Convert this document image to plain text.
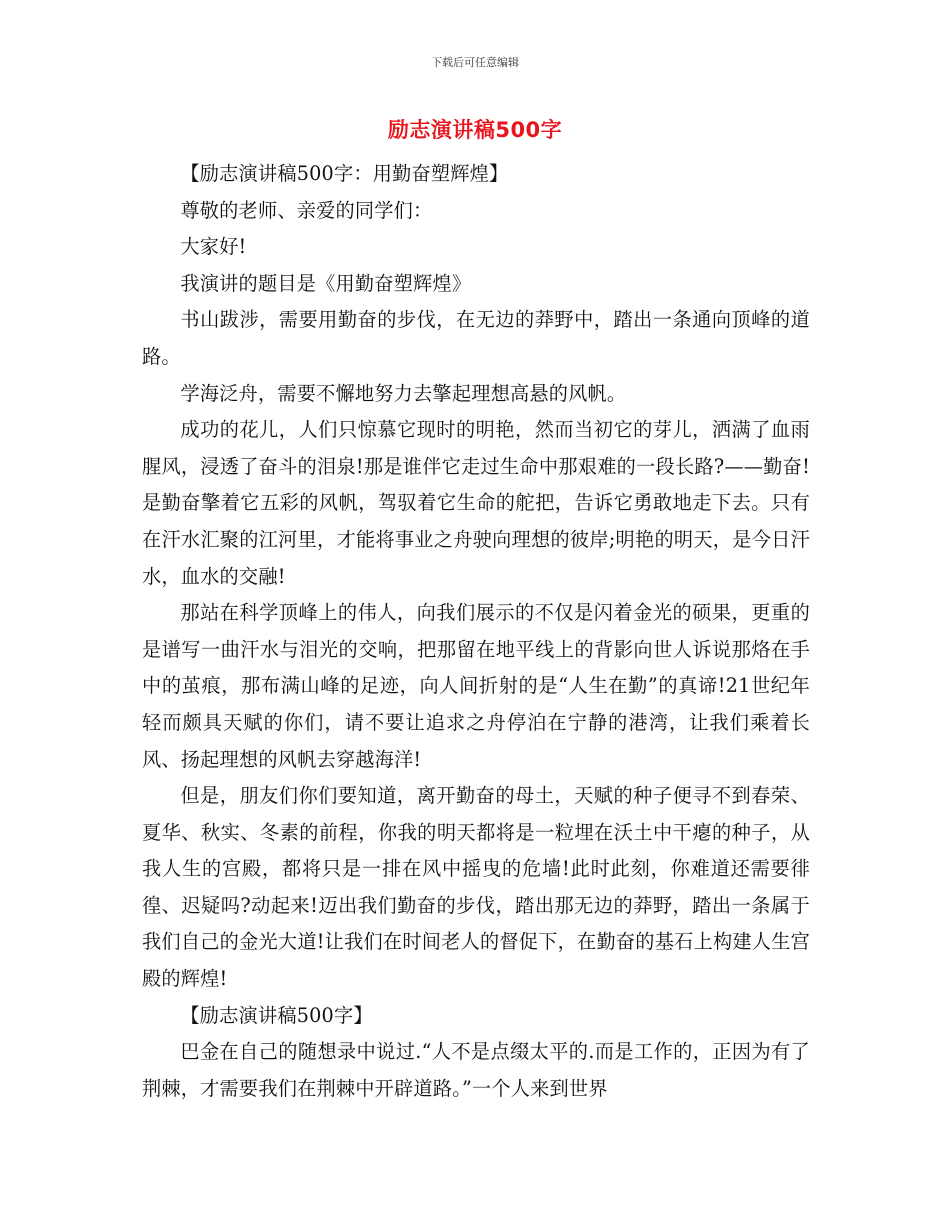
下载后可任意编辑
励志演讲稿500字

【励志演讲稿500字：用勤奋塑辉煌】

尊敬的老师、亲爱的同学们：

大家好!

我演讲的题目是《用勤奋塑辉煌》

书山跋涉，需要用勤奋的步伐，在无边的莽野中，踏出一条通向顶峰的道路。

学海泛舟，需要不懈地努力去擎起理想高悬的风帆。

成功的花儿，人们只惊慕它现时的明艳，然而当初它的芽儿，洒满了血雨腥风，浸透了奋斗的泪泉!那是谁伴它走过生命中那艰难的一段长路?——勤奋!是勤奋擎着它五彩的风帆，驾驭着它生命的舵把，告诉它勇敢地走下去。只有在汗水汇聚的江河里，才能将事业之舟驶向理想的彼岸;明艳的明天，是今日汗水，血水的交融!

那站在科学顶峰上的伟人，向我们展示的不仅是闪着金光的硕果，更重的是谱写一曲汗水与泪光的交响，把那留在地平线上的背影向世人诉说那烙在手中的茧痕，那布满山峰的足迹，向人间折射的是“人生在勤”的真谛!21世纪年轻而颇具天赋的你们，请不要让追求之舟停泊在宁静的港湾，让我们乘着长风、扬起理想的风帆去穿越海洋!

但是，朋友们你们要知道，离开勤奋的母土，天赋的种子便寻不到春荣、夏华、秋实、冬素的前程，你我的明天都将是一粒埋在沃土中干瘪的种子，从我人生的宫殿，都将只是一排在风中摇曳的危墙!此时此刻，你难道还需要徘徨、迟疑吗?动起来!迈出我们勤奋的步伐，踏出那无边的莽野，踏出一条属于我们自己的金光大道!让我们在时间老人的督促下，在勤奋的基石上构建人生宫殿的辉煌!

【励志演讲稿500字】

巴金在自己的随想录中说过.“人不是点缀太平的.而是工作的，正因为有了荆棘，才需要我们在荆棘中开辟道路。”一个人来到世界
